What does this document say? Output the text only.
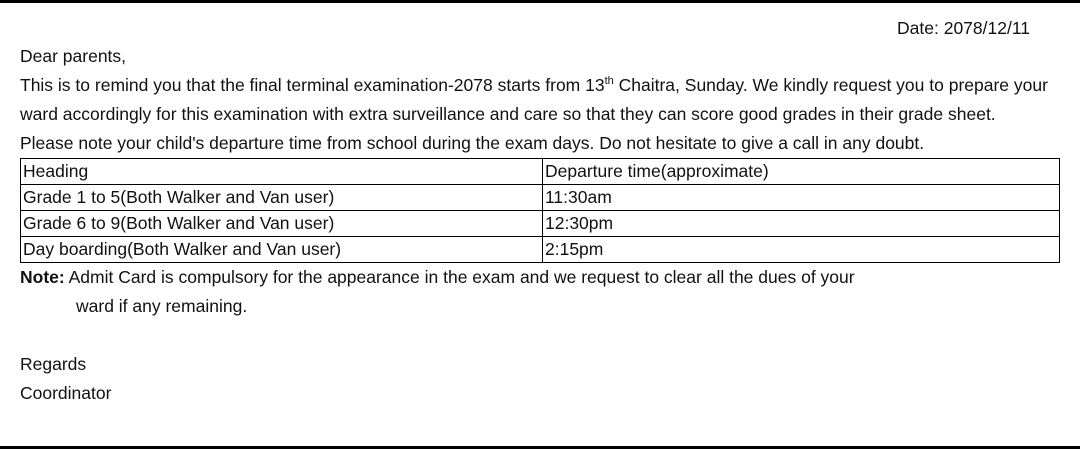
Date: 2078/12/11

Dear parents,

This is to remind you that the final terminal examination-2078 starts from 13th Chaitra, Sunday. We kindly request you to prepare your ward accordingly for this examination with extra surveillance and care so that they can score good grades in their grade sheet.

Please note your child's departure time from school during the exam days. Do not hesitate to give a call in any doubt.

Heading	Departure time(approximate)
Grade 1 to 5(Both Walker and Van user)	11:30am
Grade 6 to 9(Both Walker and Van user)	12:30pm
Day boarding(Both Walker and Van user)	2:15pm
Note: Admit Card is compulsory for the appearance in the exam and we request to clear all the dues of your
ward if any remaining.

Regards

Coordinator
